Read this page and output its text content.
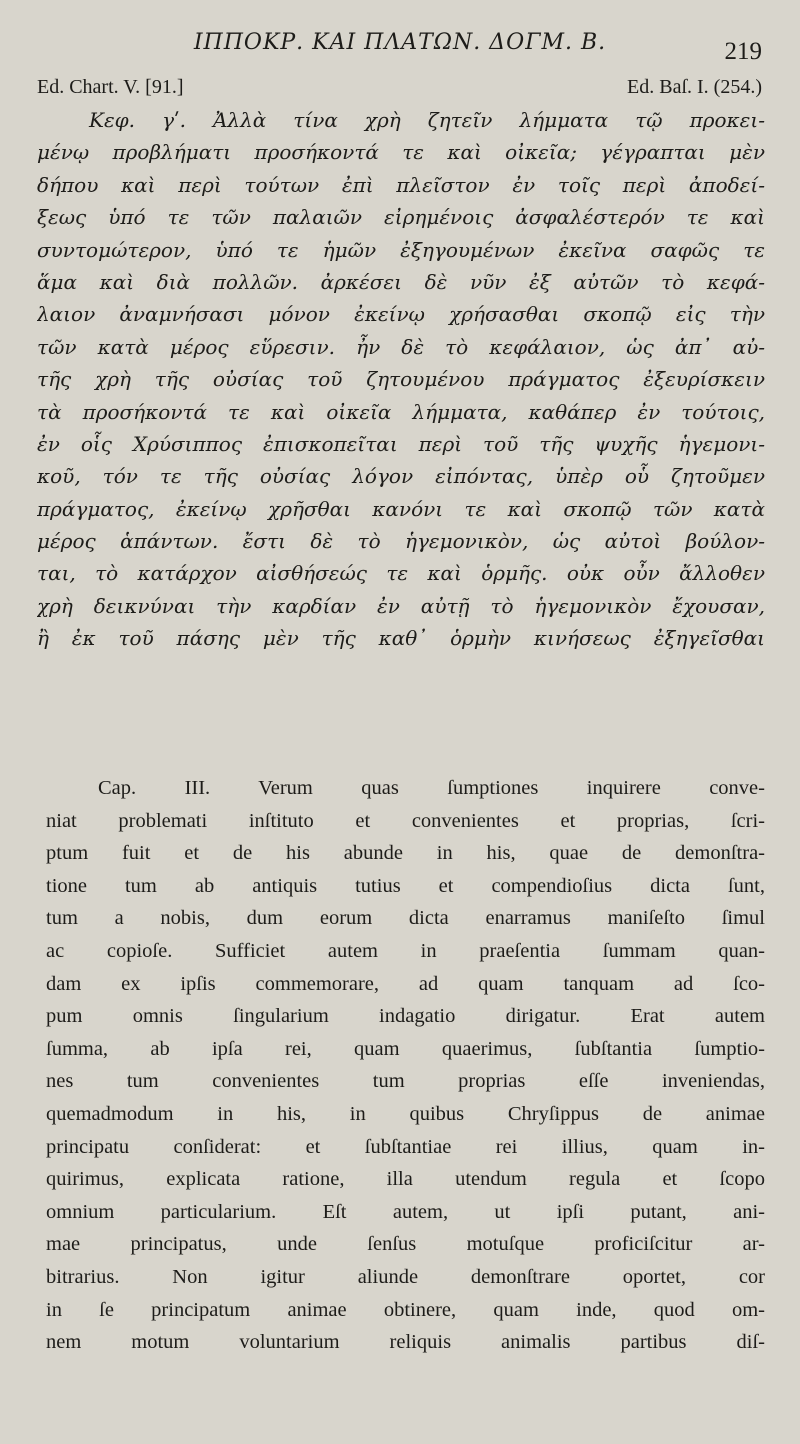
ΙΠΠΟΚΡ. ΚΑΙ ΠΛΑΤΩΝ. ΔΟΓΜ. Β.	219
Ed. Chart. V. [91.]	Ed. Baſ. I. (254.)
Κεφ. γʹ. Ἀλλὰ τίνα χρὴ ζητεῖν λήμματα τῷ προκει-
μένῳ προβλήματι προσήκοντά τε καὶ οἰκεῖα; γέγραπται μὲν
δήπου καὶ περὶ τούτων ἐπὶ πλεῖστον ἐν τοῖς περὶ ἀποδεί-
ξεως ὑπό τε τῶν παλαιῶν εἰρημένοις ἀσφαλέστερόν τε καὶ
συντομώτερον, ὑπό τε ἡμῶν ἐξηγουμένων ἐκεῖνα σαφῶς τε
ἅμα καὶ διὰ πολλῶν. ἀρκέσει δὲ νῦν ἐξ αὐτῶν τὸ κεφά-
λαιον ἀναμνήσασι μόνον ἐκείνῳ χρήσασθαι σκοπῷ εἰς τὴν
τῶν κατὰ μέρος εὕρεσιν. ἦν δὲ τὸ κεφάλαιον, ὡς ἀπ᾽ αὐ-
τῆς χρὴ τῆς οὐσίας τοῦ ζητουμένου πράγματος ἐξευρίσκειν
τὰ προσήκοντά τε καὶ οἰκεῖα λήμματα, καθάπερ ἐν τούτοις,
ἐν οἷς Χρύσιππος ἐπισκοπεῖται περὶ τοῦ τῆς ψυχῆς ἡγεμονι-
κοῦ, τόν τε τῆς οὐσίας λόγον εἰπόντας, ὑπὲρ οὗ ζητοῦμεν
πράγματος, ἐκείνῳ χρῆσθαι κανόνι τε καὶ σκοπῷ τῶν κατὰ
μέρος ἁπάντων. ἔστι δὲ τὸ ἡγεμονικὸν, ὡς αὐτοὶ βούλον-
ται, τὸ κατάρχον αἰσθήσεώς τε καὶ ὁρμῆς. οὐκ οὖν ἄλλοθεν
χρὴ δεικνύναι τὴν καρδίαν ἐν αὐτῇ τὸ ἡγεμονικὸν ἔχουσαν,
ἢ ἐκ τοῦ πάσης μὲν τῆς καθ᾽ ὁρμὴν κινήσεως ἐξηγεῖσθαι
Cap. III. Verum quas ſumptiones inquirere conve-
niat problemati inſtituto et convenientes et proprias, ſcri-
ptum fuit et de his abunde in his, quae de demonſtra-
tione tum ab antiquis tutius et compendioſius dicta ſunt,
tum a nobis, dum eorum dicta enarramus maniſeſto ſimul
ac copioſe. Sufficiet autem in praeſentia ſummam quan-
dam ex ipſis commemorare, ad quam tanquam ad ſco-
pum omnis ſingularium indagatio dirigatur. Erat autem
ſumma, ab ipſa rei, quam quaerimus, ſubſtantia ſumptio-
nes tum convenientes tum proprias eſſe inveniendas,
quemadmodum in his, in quibus Chryſippus de animae
principatu conſiderat: et ſubſtantiae rei illius, quam in-
quirimus, explicata ratione, illa utendum regula et ſcopo
omnium particularium. Eſt autem, ut ipſi putant, ani-
mae principatus, unde ſenſus motuſque proficiſcitur ar-
bitrarius. Non igitur aliunde demonſtrare oportet, cor
in ſe principatum animae obtinere, quam inde, quod om-
nem motum voluntarium reliquis animalis partibus diſ-
